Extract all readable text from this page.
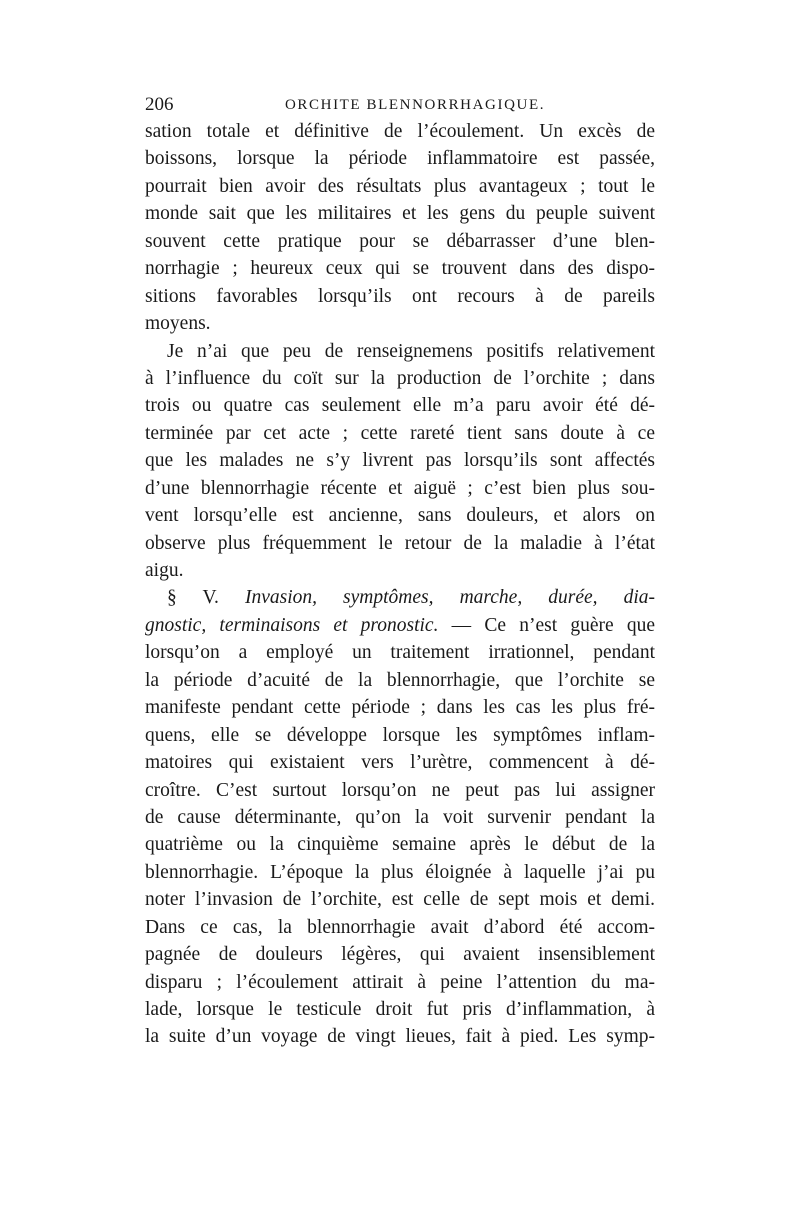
206	ORCHITE BLENNORRHAGIQUE.
sation totale et définitive de l’écoulement. Un excès de
boissons, lorsque la période inflammatoire est passée,
pourrait bien avoir des résultats plus avantageux ; tout le
monde sait que les militaires et les gens du peuple suivent
souvent cette pratique pour se débarrasser d’une blen-
norrhagie ; heureux ceux qui se trouvent dans des dispo-
sitions favorables lorsqu’ils ont recours à de pareils
moyens.
Je n’ai que peu de renseignemens positifs relativement
à l’influence du coït sur la production de l’orchite ; dans
trois ou quatre cas seulement elle m’a paru avoir été dé-
terminée par cet acte ; cette rareté tient sans doute à ce
que les malades ne s’y livrent pas lorsqu’ils sont affectés
d’une blennorrhagie récente et aiguë ; c’est bien plus sou-
vent lorsqu’elle est ancienne, sans douleurs, et alors on
observe plus fréquemment le retour de la maladie à l’état
aigu.
§ V. Invasion, symptômes, marche, durée, dia-
gnostic, terminaisons et pronostic. — Ce n’est guère que
lorsqu’on a employé un traitement irrationnel, pendant
la période d’acuité de la blennorrhagie, que l’orchite se
manifeste pendant cette période ; dans les cas les plus fré-
quens, elle se développe lorsque les symptômes inflam-
matoires qui existaient vers l’urètre, commencent à dé-
croître. C’est surtout lorsqu’on ne peut pas lui assigner
de cause déterminante, qu’on la voit survenir pendant la
quatrième ou la cinquième semaine après le début de la
blennorrhagie. L’époque la plus éloignée à laquelle j’ai pu
noter l’invasion de l’orchite, est celle de sept mois et demi.
Dans ce cas, la blennorrhagie avait d’abord été accom-
pagnée de douleurs légères, qui avaient insensiblement
disparu ; l’écoulement attirait à peine l’attention du ma-
lade, lorsque le testicule droit fut pris d’inflammation, à
la suite d’un voyage de vingt lieues, fait à pied. Les symp-
